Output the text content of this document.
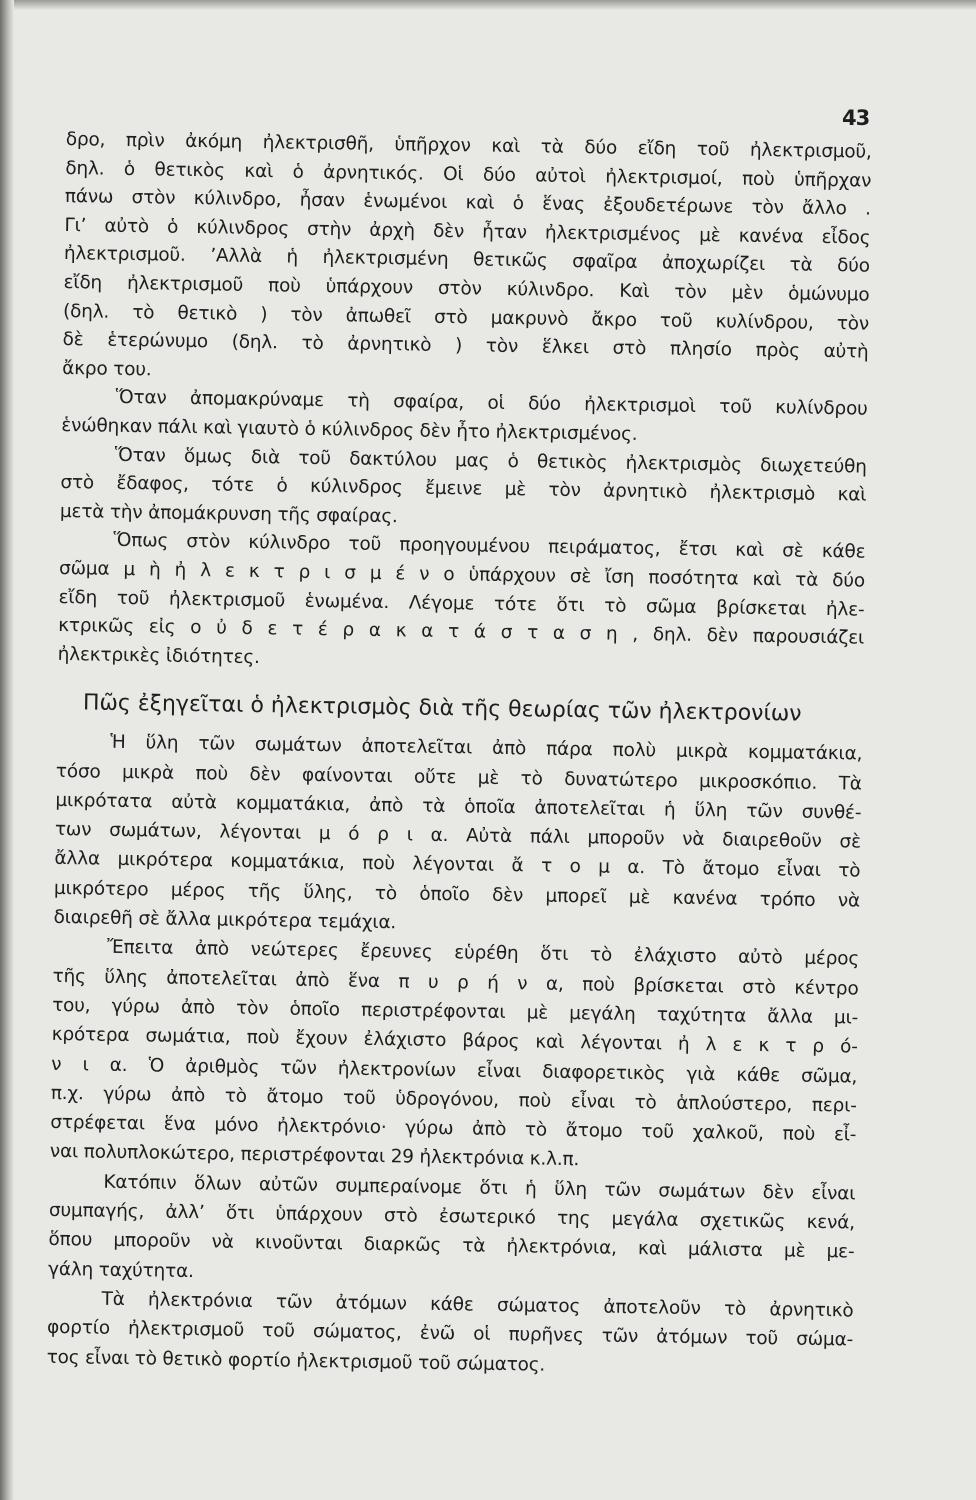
43
δρο, πρὶν ἀκόμη ἠλεκτρισθῆ, ὑπῆρχον καὶ τὰ δύο εἴδη τοῦ ἠλεκτρισμοῦ,
δηλ. ὁ θετικὸς καὶ ὁ ἀρνητικός. Οἱ δύο αὐτοὶ ἠλεκτρισμοί, ποὺ ὑπῆρχαν
πάνω στὸν κύλινδρο, ἦσαν ἑνωμένοι καὶ ὁ ἕνας ἐξουδετέρωνε τὸν ἄλλο .
Γι’ αὐτὸ ὁ κύλινδρος στὴν ἀρχὴ δὲν ἦταν ἠλεκτρισμένος μὲ κανένα εἶδος
ἠλεκτρισμοῦ. ’Αλλὰ ἡ ἠλεκτρισμένη θετικῶς σφαῖρα ἀποχωρίζει τὰ δύο
εἴδη ἠλεκτρισμοῦ ποὺ ὑπάρχουν στὸν κύλινδρο. Καὶ τὸν μὲν ὁμώνυμο
(δηλ. τὸ θετικὸ ) τὸν ἀπωθεῖ στὸ μακρυνὸ ἄκρο τοῦ κυλίνδρου, τὸν
δὲ ἑτερώνυμο (δηλ. τὸ ἀρνητικὸ ) τὸν ἕλκει στὸ πλησίο πρὸς αὐτὴ
ἄκρο του.
Ὅταν ἀπομακρύναμε τὴ σφαίρα, οἱ δύο ἠλεκτρισμοὶ τοῦ κυλίνδρου
ἑνώθηκαν πάλι καὶ γιαυτὸ ὁ κύλινδρος δὲν ἦτο ἠλεκτρισμένος.
Ὅταν ὅμως διὰ τοῦ δακτύλου μας ὁ θετικὸς ἠλεκτρισμὸς διωχετεύθη
στὸ ἔδαφος, τότε ὁ κύλινδρος ἔμεινε μὲ τὸν ἀρνητικὸ ἠλεκτρισμὸ καὶ
μετὰ τὴν ἀπομάκρυνση τῆς σφαίρας.
Ὅπως στὸν κύλινδρο τοῦ προηγουμένου πειράματος, ἔτσι καὶ σὲ κάθε
σῶμα μ ὴ ἠ λ ε κ τ ρ ι σ μ έ ν ο ὑπάρχουν σὲ ἴση ποσότητα καὶ τὰ δύο
εἴδη τοῦ ἠλεκτρισμοῦ ἑνωμένα. Λέγομε τότε ὅτι τὸ σῶμα βρίσκεται ἠλε-
κτρικῶς εἰς ο ὐ δ ε τ έ ρ α κ α τ ά σ τ α σ η , δηλ. δὲν παρουσιάζει
ἠλεκτρικὲς ἰδιότητες.
Πῶς ἐξηγεῖται ὁ ἠλεκτρισμὸς διὰ τῆς θεωρίας τῶν ἠλεκτρονίων
Ἡ ὕλη τῶν σωμάτων ἀποτελεῖται ἀπὸ πάρα πολὺ μικρὰ κομματάκια,
τόσο μικρὰ ποὺ δὲν φαίνονται οὔτε μὲ τὸ δυνατώτερο μικροσκόπιο. Τὰ
μικρότατα αὐτὰ κομματάκια, ἀπὸ τὰ ὁποῖα ἀποτελεῖται ἡ ὕλη τῶν συνθέ-
των σωμάτων, λέγονται μ ό ρ ι α. Αὐτὰ πάλι μποροῦν νὰ διαιρεθοῦν σὲ
ἄλλα μικρότερα κομματάκια, ποὺ λέγονται ἄ τ ο μ α. Τὸ ἄτομο εἶναι τὸ
μικρότερο μέρος τῆς ὕλης, τὸ ὁποῖο δὲν μπορεῖ μὲ κανένα τρόπο νὰ
διαιρεθῆ σὲ ἄλλα μικρότερα τεμάχια.
Ἔπειτα ἀπὸ νεώτερες ἔρευνες εὑρέθη ὅτι τὸ ἐλάχιστο αὐτὸ μέρος
τῆς ὕλης ἀποτελεῖται ἀπὸ ἕνα π υ ρ ή ν α, ποὺ βρίσκεται στὸ κέντρο
του, γύρω ἀπὸ τὸν ὁποῖο περιστρέφονται μὲ μεγάλη ταχύτητα ἄλλα μι-
κρότερα σωμάτια, ποὺ ἔχουν ἐλάχιστο βάρος καὶ λέγονται ἠ λ ε κ τ ρ ό-
ν ι α. Ὁ ἀριθμὸς τῶν ἠλεκτρονίων εἶναι διαφορετικὸς γιὰ κάθε σῶμα,
π.χ. γύρω ἀπὸ τὸ ἄτομο τοῦ ὑδρογόνου, ποὺ εἶναι τὸ ἁπλούστερο, περι-
στρέφεται ἕνα μόνο ἠλεκτρόνιο· γύρω ἀπὸ τὸ ἄτομο τοῦ χαλκοῦ, ποὺ εἶ-
ναι πολυπλοκώτερο, περιστρέφονται 29 ἠλεκτρόνια κ.λ.π.
Κατόπιν ὅλων αὐτῶν συμπεραίνομε ὅτι ἡ ὕλη τῶν σωμάτων δὲν εἶναι
συμπαγής, ἀλλ’ ὅτι ὑπάρχουν στὸ ἐσωτερικό της μεγάλα σχετικῶς κενά,
ὅπου μποροῦν νὰ κινοῦνται διαρκῶς τὰ ἠλεκτρόνια, καὶ μάλιστα μὲ με-
γάλη ταχύτητα.
Τὰ ἠλεκτρόνια τῶν ἀτόμων κάθε σώματος ἀποτελοῦν τὸ ἀρνητικὸ
φορτίο ἠλεκτρισμοῦ τοῦ σώματος, ἐνῶ οἱ πυρῆνες τῶν ἀτόμων τοῦ σώμα-
τος εἶναι τὸ θετικὸ φορτίο ἠλεκτρισμοῦ τοῦ σώματος.
